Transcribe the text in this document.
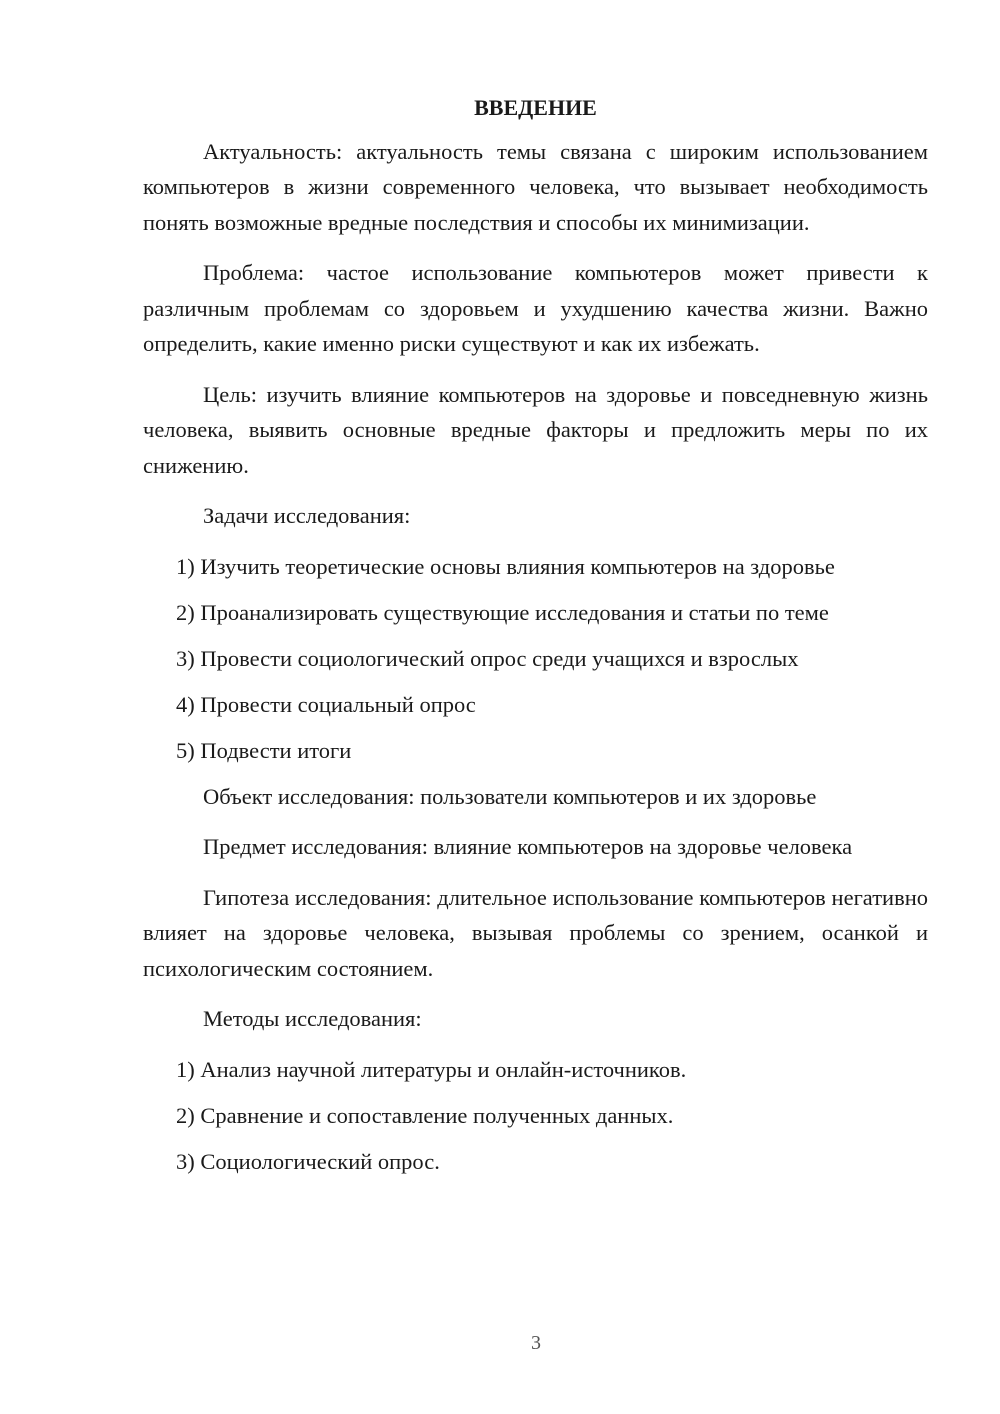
ВВЕДЕНИЕ

Актуальность: актуальность темы связана с широким использованием компьютеров в жизни современного человека, что вызывает необходимость понять возможные вредные последствия и способы их минимизации.

Проблема: частое использование компьютеров может привести к различным проблемам со здоровьем и ухудшению качества жизни. Важно определить, какие именно риски существуют и как их избежать.

Цель: изучить влияние компьютеров на здоровье и повседневную жизнь человека, выявить основные вредные факторы и предложить меры по их снижению.

Задачи исследования:

1) Изучить теоретические основы влияния компьютеров на здоровье
2) Проанализировать существующие исследования и статьи по теме
3) Провести социологический опрос среди учащихся и взрослых
4) Провести социальный опрос
5) Подвести итоги

Объект исследования: пользователи компьютеров и их здоровье

Предмет исследования: влияние компьютеров на здоровье человека

Гипотеза исследования: длительное использование компьютеров негативно влияет на здоровье человека, вызывая проблемы со зрением, осанкой и психологическим состоянием.

Методы исследования:

1) Анализ научной литературы и онлайн-источников.
2) Сравнение и сопоставление полученных данных.
3) Социологический опрос.
3
